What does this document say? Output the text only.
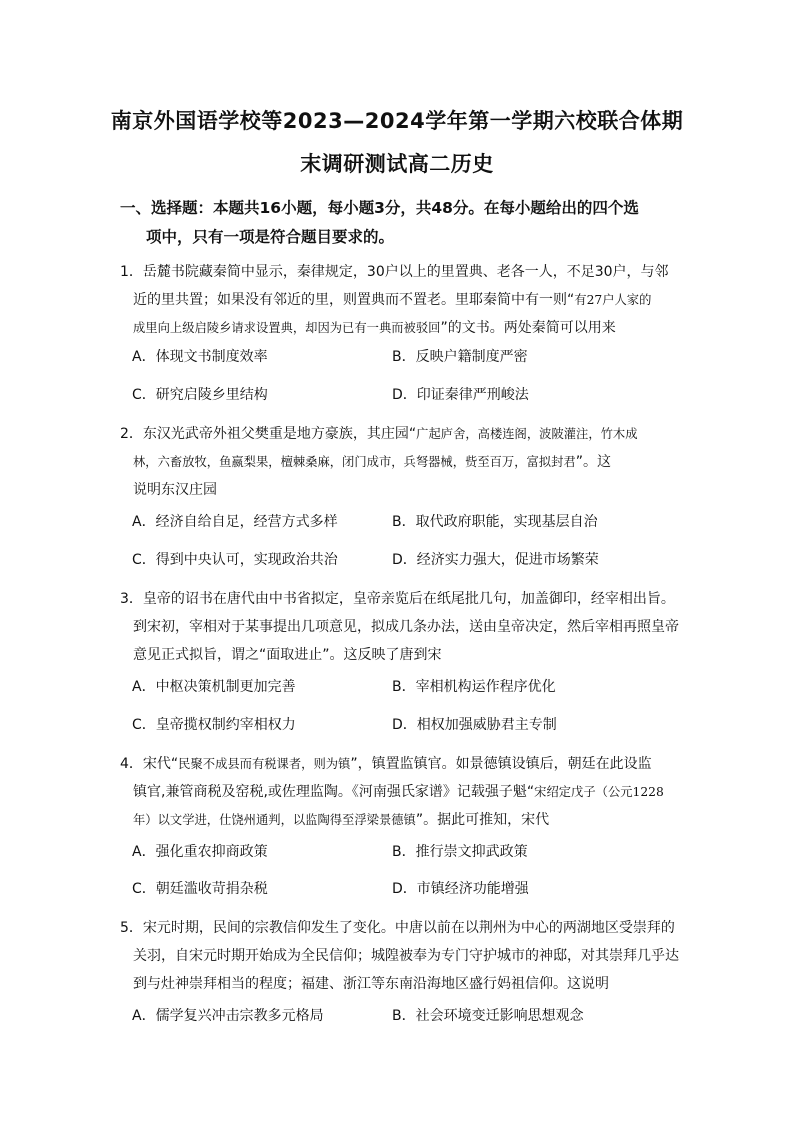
南京外国语学校等2023—2024学年第一学期六校联合体期
末调研测试高二历史
一、选择题：本题共16小题，每小题3分，共48分。在每小题给出的四个选
项中，只有一项是符合题目要求的。
1．岳麓书院藏秦简中显示，秦律规定，30户以上的里置典、老各一人，不足30户，与邻
近的里共置；如果没有邻近的里，则置典而不置老。里耶秦简中有一则“有27户人家的
成里向上级启陵乡请求设置典，却因为已有一典而被驳回”的文书。两处秦简可以用来
A．体现文书制度效率	B．反映户籍制度严密
C．研究启陵乡里结构	D．印证秦律严刑峻法
2．东汉光武帝外祖父樊重是地方豪族，其庄园“广起庐舍，高楼连阁，波陂灌注，竹木成
林，六畜放牧，鱼嬴梨果，檀棘桑麻，闭门成市，兵弩器械，赀至百万，富拟封君”。这
说明东汉庄园
A．经济自给自足，经营方式多样	B．取代政府职能，实现基层自治
C．得到中央认可，实现政治共治	D．经济实力强大，促进市场繁荣
3．皇帝的诏书在唐代由中书省拟定，皇帝亲览后在纸尾批几句，加盖御印，经宰相出旨。
到宋初，宰相对于某事提出几项意见，拟成几条办法，送由皇帝决定，然后宰相再照皇帝
意见正式拟旨，谓之“面取进止”。这反映了唐到宋
A．中枢决策机制更加完善	B．宰相机构运作程序优化
C．皇帝揽权制约宰相权力	D．相权加强威胁君主专制
4．宋代“民聚不成县而有税课者，则为镇”，镇置监镇官。如景德镇设镇后，朝廷在此设监
镇官,兼管商税及窑税,或佐理监陶。《河南强氏家谱》记载强子魁“宋绍定戊子（公元1228
年）以文学进，仕饶州通判，以监陶得至浮梁景德镇”。据此可推知，宋代
A．强化重农抑商政策	B．推行崇文抑武政策
C．朝廷滥收苛捐杂税	D．市镇经济功能增强
5．宋元时期，民间的宗教信仰发生了变化。中唐以前在以荆州为中心的两湖地区受崇拜的
关羽，自宋元时期开始成为全民信仰；城隍被奉为专门守护城市的神邸，对其崇拜几乎达
到与灶神崇拜相当的程度；福建、浙江等东南沿海地区盛行妈祖信仰。这说明
A．儒学复兴冲击宗教多元格局	B．社会环境变迁影响思想观念
